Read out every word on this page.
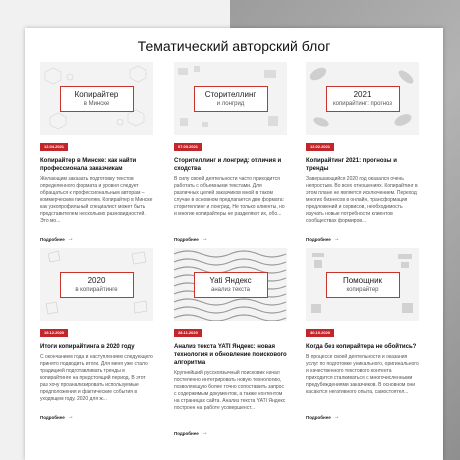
Тематический авторский блог
Копирайтер
в Минске
12.04.2021
Копирайтер в Минске: как найти профессионала заказчикам
Желающим заказать подготовку текстов определенного формата и уровня следует обращаться к профессиональным авторам – коммерческим писателям. Копирайтер в Минске как узкопрофильный специалист может быть представителем нескольких разновидностей. Это мо...
Подробнее →
Сторителлинг
и лонгрид
07.03.2021
Сторителлинг и лонгрид: отличия и сходства
В силу своей деятельности часто приходится работать с объемными текстами. Для различных целей заказчиков мной в таком случае в основном предлагается две формата: сторителлинг и лонгрид. Не только клиенты, но и многие копирайтеры не разделяют их, обо...
Подробнее →
2021
копирайтинг: прогноз
12.02.2021
Копирайтинг 2021: прогнозы и тренды
Завершающийся 2020 год оказался очень непростым. Во всех отношениях. Копирайтинг в этом плане не является исключением. Переход многих бизнесов в онлайн, трансформация предложений и сервисов, необходимость изучать новые потребности клиентов сообществах формиров...
Подробнее →
2020
в копирайтинге
19.12.2020
Итоги копирайтинга в 2020 году
С окончанием года и наступлением следующего принято подводить итоги. Для меня уже стало традицией подготавливать тренды в копирайтинге на предстоящий период. В этот раз хочу проанализировать используемые предположения и фактические события в уходящем году. 2020 для ж...
Подробнее →
Yati Яндекс
анализ текста
28.11.2020
Анализ текста YATI Яндекс: новая технология и обновление поискового алгоритма
Крупнейший русскоязычный поисковик начал постепенно интегрировать новую технологию, позволяющую более точно сопоставить запрос с содержимым документов, а также контентом на страницах сайта. Анализ текста YATI Яндекс построен на работе усовершенст...
Подробнее →
Помощник
копирайтер
30.10.2020
Когда без копирайтера не обойтись?
В процессе своей деятельности и оказания услуг по подготовке уникального, оригинального и качественного текстового контента приходится сталкиваться с многочисленными предубеждениями заказчиков. В основном они касаются негативного опыта, самостоятел...
Подробнее →
